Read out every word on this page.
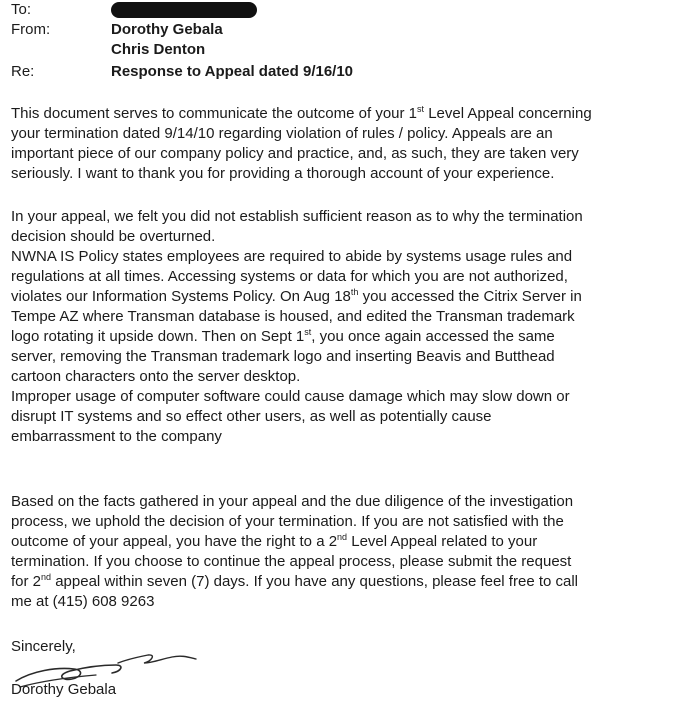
To:
From:	Dorothy Gebala
Chris Denton
Re:	Response to Appeal dated 9/16/10
This document serves to communicate the outcome of your 1st Level Appeal concerning
your termination dated 9/14/10 regarding violation of rules / policy. Appeals are an
important piece of our company policy and practice, and, as such, they are taken very
seriously. I want to thank you for providing a thorough account of your experience.
In your appeal, we felt you did not establish sufficient reason as to why the termination
decision should be overturned.
NWNA IS Policy states employees are required to abide by systems usage rules and
regulations at all times. Accessing systems or data for which you are not authorized,
violates our Information Systems Policy. On Aug 18th you accessed the Citrix Server in
Tempe AZ where Transman database is housed, and edited the Transman trademark
logo rotating it upside down. Then on Sept 1st, you once again accessed the same
server, removing the Transman trademark logo and inserting Beavis and Butthead
cartoon characters onto the server desktop.
Improper usage of computer software could cause damage which may slow down or
disrupt IT systems and so effect other users, as well as potentially cause
embarrassment to the company
Based on the facts gathered in your appeal and the due diligence of the investigation
process, we uphold the decision of your termination. If you are not satisfied with the
outcome of your appeal, you have the right to a 2nd Level Appeal related to your
termination. If you choose to continue the appeal process, please submit the request
for 2nd appeal within seven (7) days. If you have any questions, please feel free to call
me at (415) 608 9263
Sincerely,
Dorothy Gebala
